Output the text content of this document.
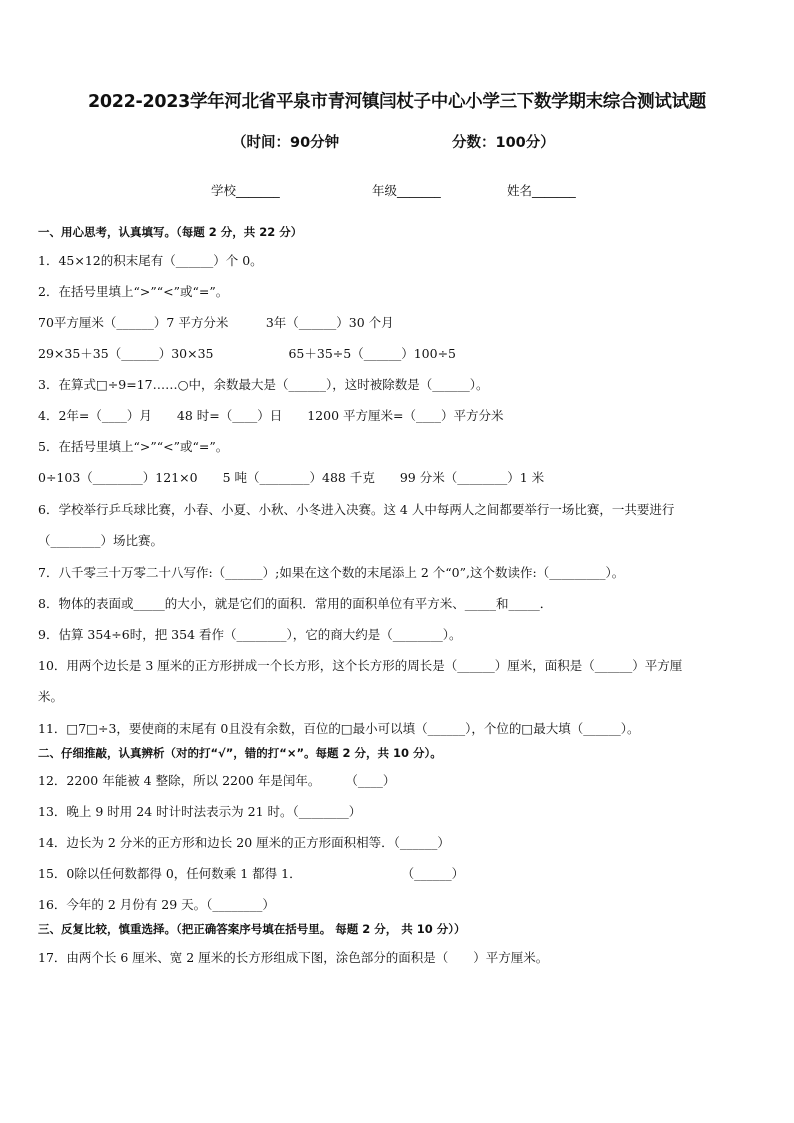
2022-2023学年河北省平泉市青河镇闫杖子中心小学三下数学期末综合测试试题
（时间：90分钟	分数：100分）
学校_______	年级_______	姓名_______
一、用心思考，认真填写。（每题 2 分，共 22 分）
1．45×12的积末尾有（______）个 0。
2．在括号里填上“>”“<”或“=”。
70平方厘米（______）7 平方分米　　　3年（______）30 个月
29×35＋35（______）30×35　　　　　　65＋35÷5（______）100÷5
3．在算式□÷9=17……○中，余数最大是（______），这时被除数是（______）。
4．2年=（____）月　　48 时=（____）日　　1200 平方厘米=（____）平方分米
5．在括号里填上“>”“<”或“=”。
0÷103（________）121×0　　5 吨（________）488 千克　　99 分米（________）1 米
6．学校举行乒乓球比赛，小春、小夏、小秋、小冬进入决赛。这 4 人中每两人之间都要举行一场比赛，一共要进行
（________）场比赛。
7．八千零三十万零二十八写作:（______）;如果在这个数的末尾添上 2 个“0”,这个数读作:（_________）。
8．物体的表面或_____的大小，就是它们的面积．常用的面积单位有平方米、_____和_____．
9．估算 354÷6时，把 354 看作（________），它的商大约是（________）。
10．用两个边长是 3 厘米的正方形拼成一个长方形，这个长方形的周长是（______）厘米，面积是（______）平方厘
米。
11．□7□÷3，要使商的末尾有 0且没有余数，百位的□最小可以填（______），个位的□最大填（______）。
二、仔细推敲，认真辨析（对的打“√”，错的打“×”。每题 2 分，共 10 分）。
12．2200 年能被 4 整除，所以 2200 年是闰年。　　　（____）
13．晚上 9 时用 24 时计时法表示为 21 时。（________）
14．边长为 2 分米的正方形和边长 20 厘米的正方形面积相等．（______）
15．0除以任何数都得 0，任何数乘 1 都得 1．　　　　　　　　　（______）
16．今年的 2 月份有 29 天。（________）
三、反复比较，慎重选择。（把正确答案序号填在括号里。 每题 2 分， 共 10 分））
17．由两个长 6 厘米、宽 2 厘米的长方形组成下图，涂色部分的面积是（　　）平方厘米。
